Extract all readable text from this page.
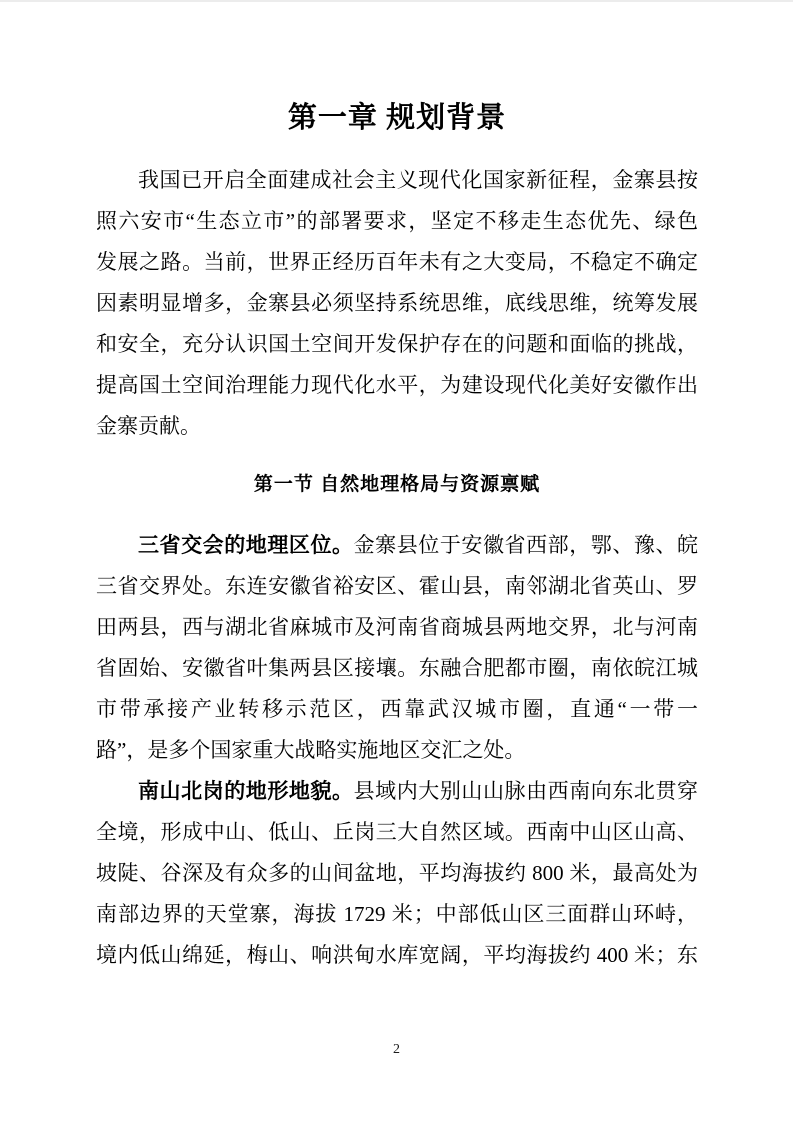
第一章 规划背景
我国已开启全面建成社会主义现代化国家新征程，金寨县按
照六安市“生态立市”的部署要求，坚定不移走生态优先、绿色
发展之路。当前，世界正经历百年未有之大变局，不稳定不确定
因素明显增多，金寨县必须坚持系统思维，底线思维，统筹发展
和安全，充分认识国土空间开发保护存在的问题和面临的挑战，
提高国土空间治理能力现代化水平，为建设现代化美好安徽作出
金寨贡献。
第一节 自然地理格局与资源禀赋
三省交会的地理区位。金寨县位于安徽省西部，鄂、豫、皖
三省交界处。东连安徽省裕安区、霍山县，南邻湖北省英山、罗
田两县，西与湖北省麻城市及河南省商城县两地交界，北与河南
省固始、安徽省叶集两县区接壤。东融合肥都市圈，南依皖江城
市带承接产业转移示范区，西靠武汉城市圈，直通“一带一
路”，是多个国家重大战略实施地区交汇之处。
南山北岗的地形地貌。县域内大别山山脉由西南向东北贯穿
全境，形成中山、低山、丘岗三大自然区域。西南中山区山高、
坡陡、谷深及有众多的山间盆地，平均海拔约 800 米，最高处为
南部边界的天堂寨，海拔 1729 米；中部低山区三面群山环峙，
境内低山绵延，梅山、响洪甸水库宽阔，平均海拔约 400 米；东
2
